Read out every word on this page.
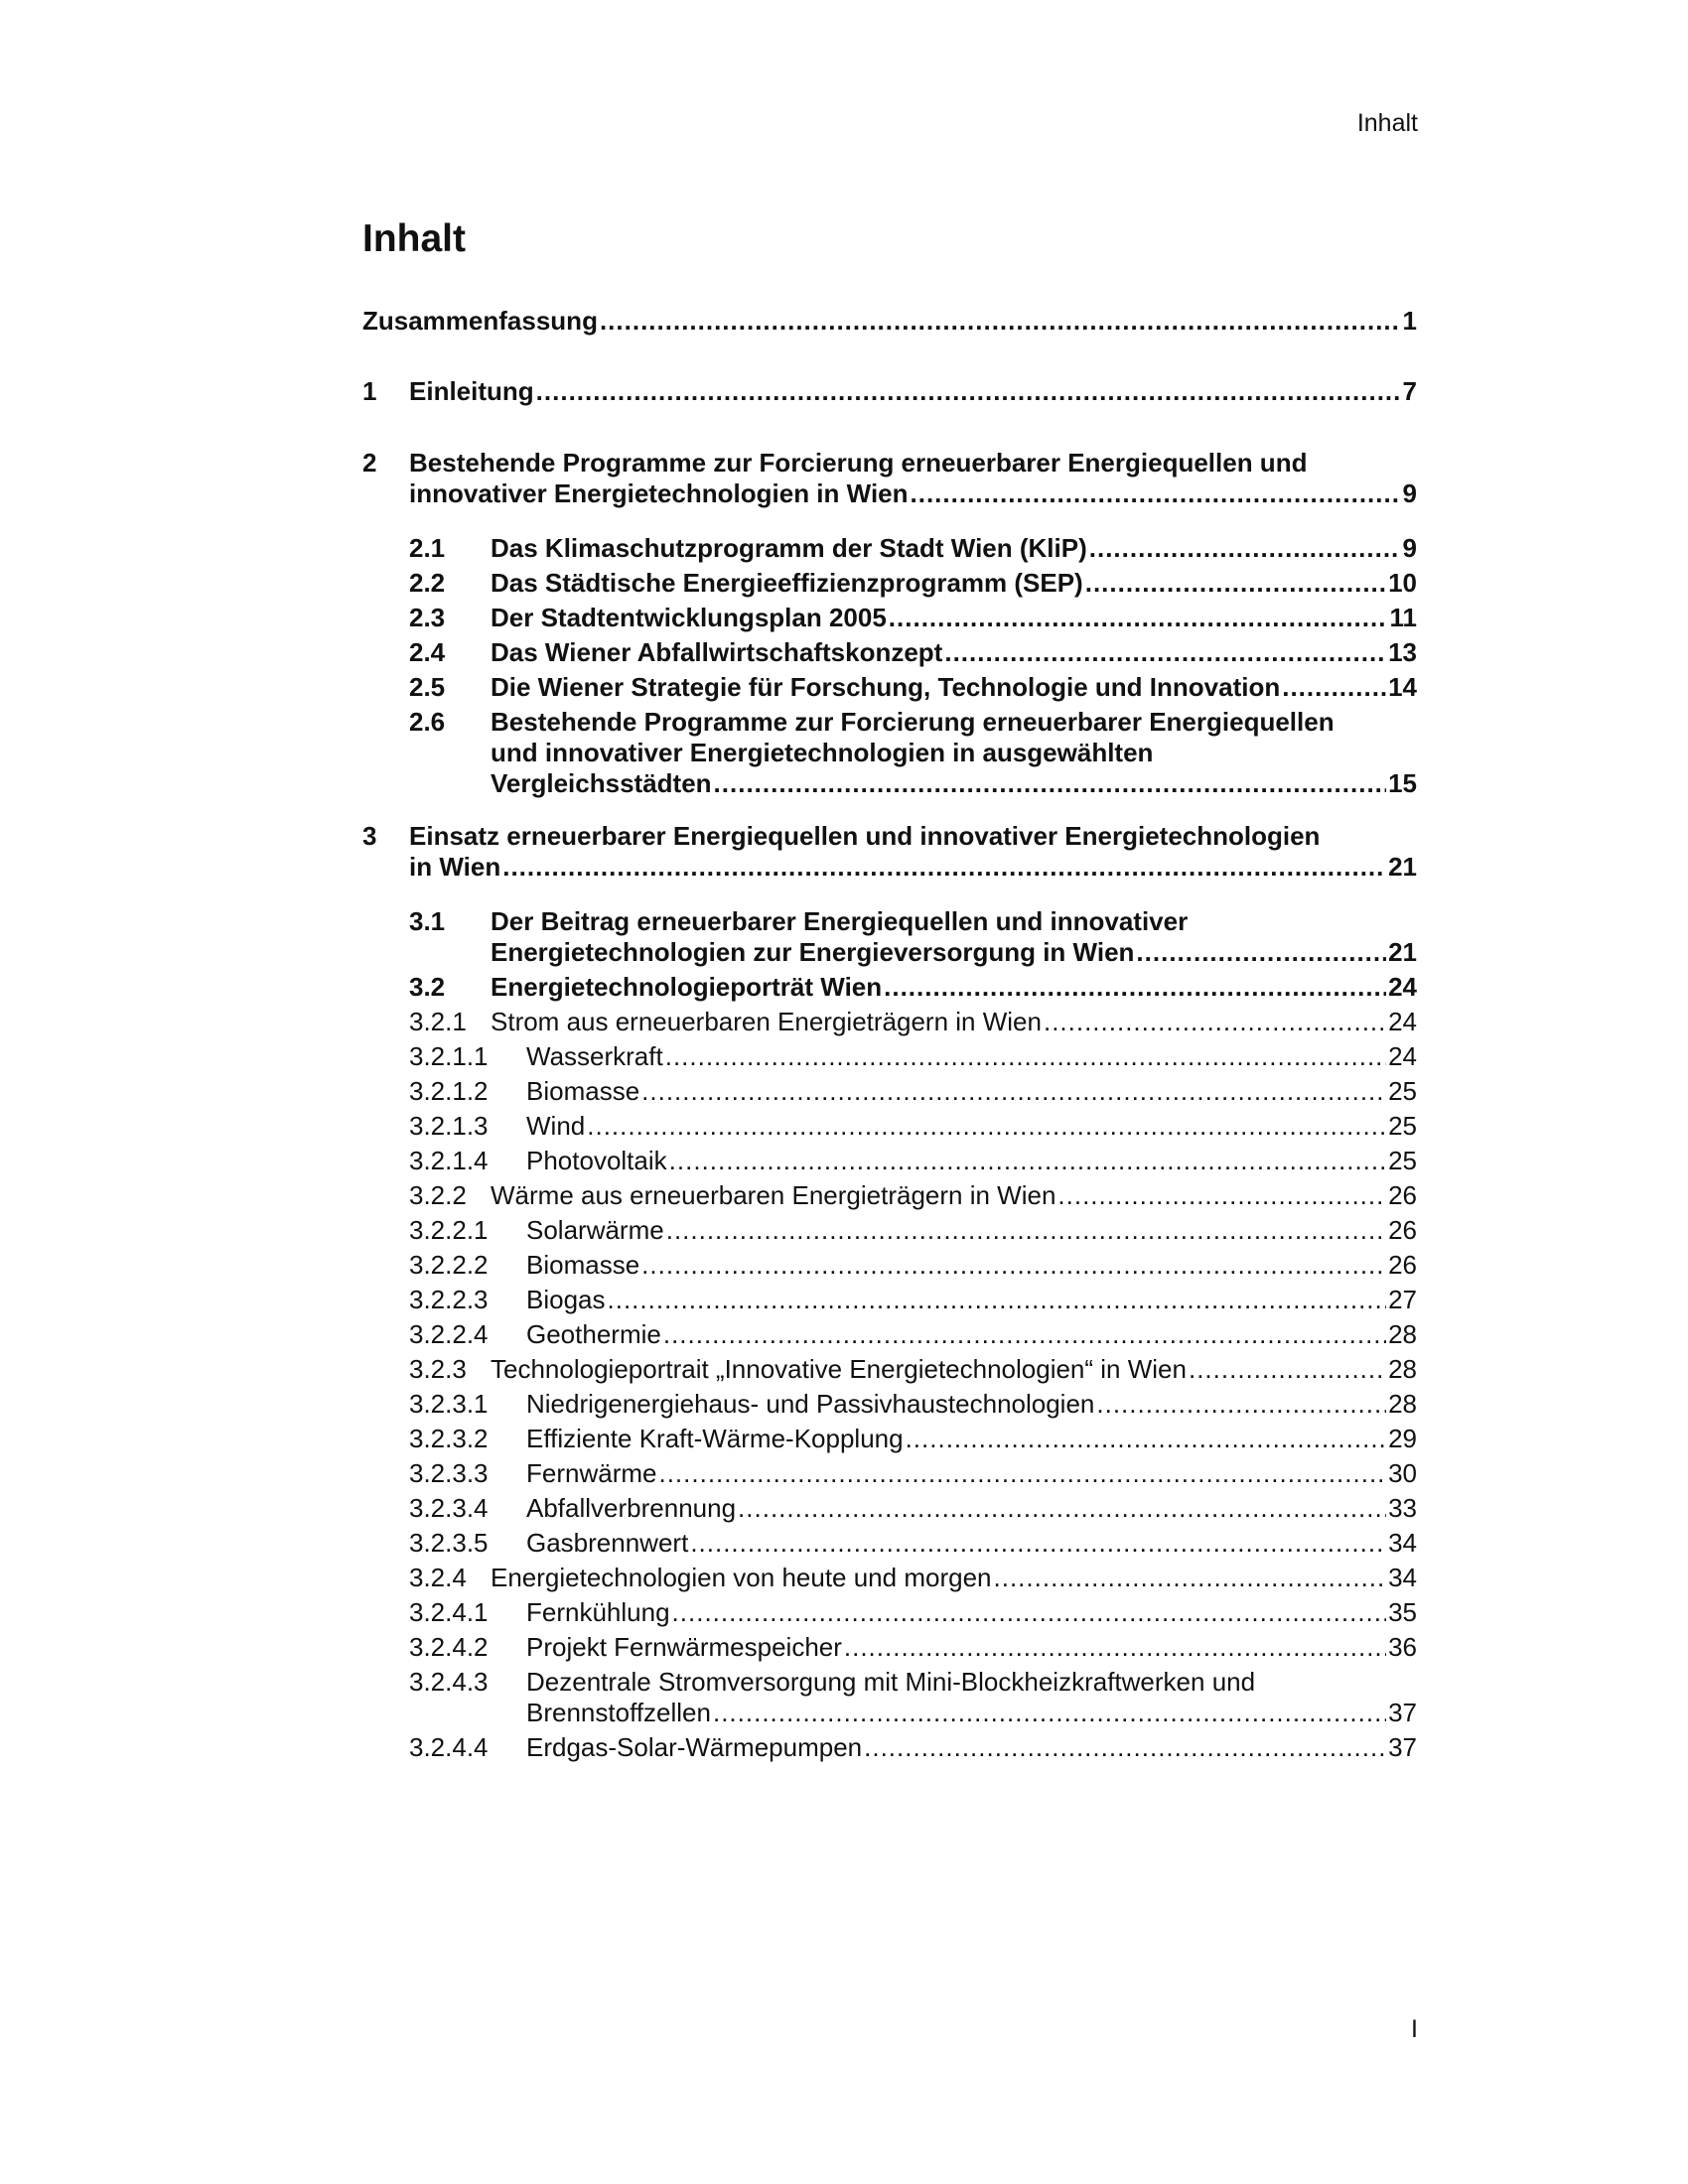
Inhalt
Inhalt
Zusammenfassung .....	1
1	Einleitung .....	7
2	Bestehende Programme zur Forcierung erneuerbarer Energiequellen und
innovativer Energietechnologien in Wien .....	9
2.1	Das Klimaschutzprogramm der Stadt Wien (KliP) .....	9
2.2	Das Städtische Energieeffizienzprogramm (SEP) .....	10
2.3	Der Stadtentwicklungsplan 2005 .....	11
2.4	Das Wiener Abfallwirtschaftskonzept .....	13
2.5	Die Wiener Strategie für Forschung, Technologie und Innovation .....	14
2.6	Bestehende Programme zur Forcierung erneuerbarer Energiequellen
und innovativer Energietechnologien in ausgewählten
Vergleichsstädten .....	15
3	Einsatz erneuerbarer Energiequellen und innovativer Energietechnologien
in Wien .....	21
3.1	Der Beitrag erneuerbarer Energiequellen und innovativer
Energietechnologien zur Energieversorgung in Wien .....	21
3.2	Energietechnologieporträt Wien .....	24
3.2.1 Strom aus erneuerbaren Energieträgern in Wien .....	24
3.2.1.1	Wasserkraft .....	24
3.2.1.2	Biomasse .....	25
3.2.1.3	Wind .....	25
3.2.1.4	Photovoltaik .....	25
3.2.2 Wärme aus erneuerbaren Energieträgern in Wien .....	26
3.2.2.1	Solarwärme .....	26
3.2.2.2	Biomasse .....	26
3.2.2.3	Biogas .....	27
3.2.2.4	Geothermie .....	28
3.2.3 Technologieportrait „Innovative Energietechnologien“ in Wien .....	28
3.2.3.1	Niedrigenergiehaus- und Passivhaustechnologien .....	28
3.2.3.2	Effiziente Kraft-Wärme-Kopplung .....	29
3.2.3.3	Fernwärme .....	30
3.2.3.4	Abfallverbrennung .....	33
3.2.3.5	Gasbrennwert .....	34
3.2.4 Energietechnologien von heute und morgen .....	34
3.2.4.1	Fernkühlung .....	35
3.2.4.2	Projekt Fernwärmespeicher .....	36
3.2.4.3	Dezentrale Stromversorgung mit Mini-Blockheizkraftwerken und
Brennstoffzellen .....	37
3.2.4.4	Erdgas-Solar-Wärmepumpen .....	37
I
